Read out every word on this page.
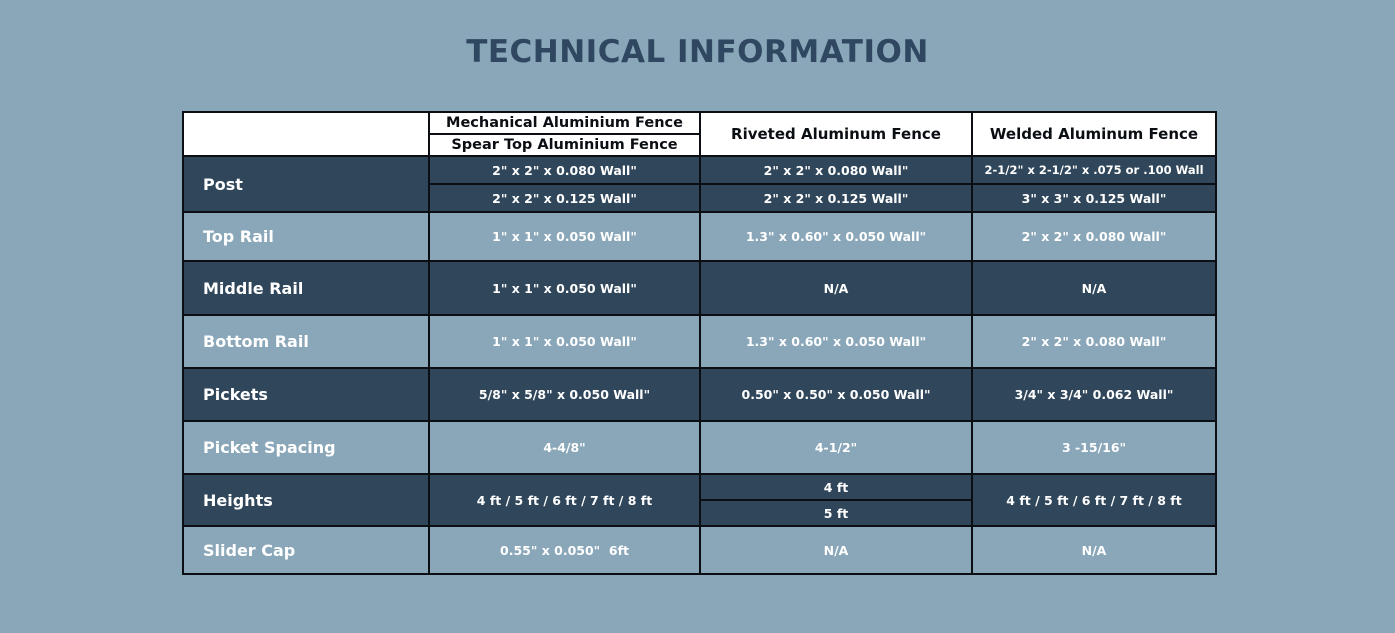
TECHNICAL INFORMATION
	Mechanical Aluminium Fence	Riveted Aluminum Fence	Welded Aluminum Fence
	Spear Top Aluminium Fence		
Post	2" x 2" x 0.080 Wall"	2" x 2" x 0.080 Wall"	2-1/2" x 2-1/2" x .075 or .100 Wall
	2" x 2" x 0.125 Wall"	2" x 2" x 0.125 Wall"	3" x 3" x 0.125 Wall"
Top Rail	1" x 1" x 0.050 Wall"	1.3" x 0.60" x 0.050 Wall"	2" x 2" x 0.080 Wall"
Middle Rail	1" x 1" x 0.050 Wall"	N/A	N/A
Bottom Rail	1" x 1" x 0.050 Wall"	1.3" x 0.60" x 0.050 Wall"	2" x 2" x 0.080 Wall"
Pickets	5/8" x 5/8" x 0.050 Wall"	0.50" x 0.50" x 0.050 Wall"	3/4" x 3/4" 0.062 Wall"
Picket Spacing	4-4/8"	4-1/2"	3 -15/16"
Heights	4 ft / 5 ft / 6 ft / 7 ft / 8 ft	4 ft	4 ft / 5 ft / 6 ft / 7 ft / 8 ft
		5 ft	
Slider Cap	0.55" x 0.050"  6ft	N/A	N/A
